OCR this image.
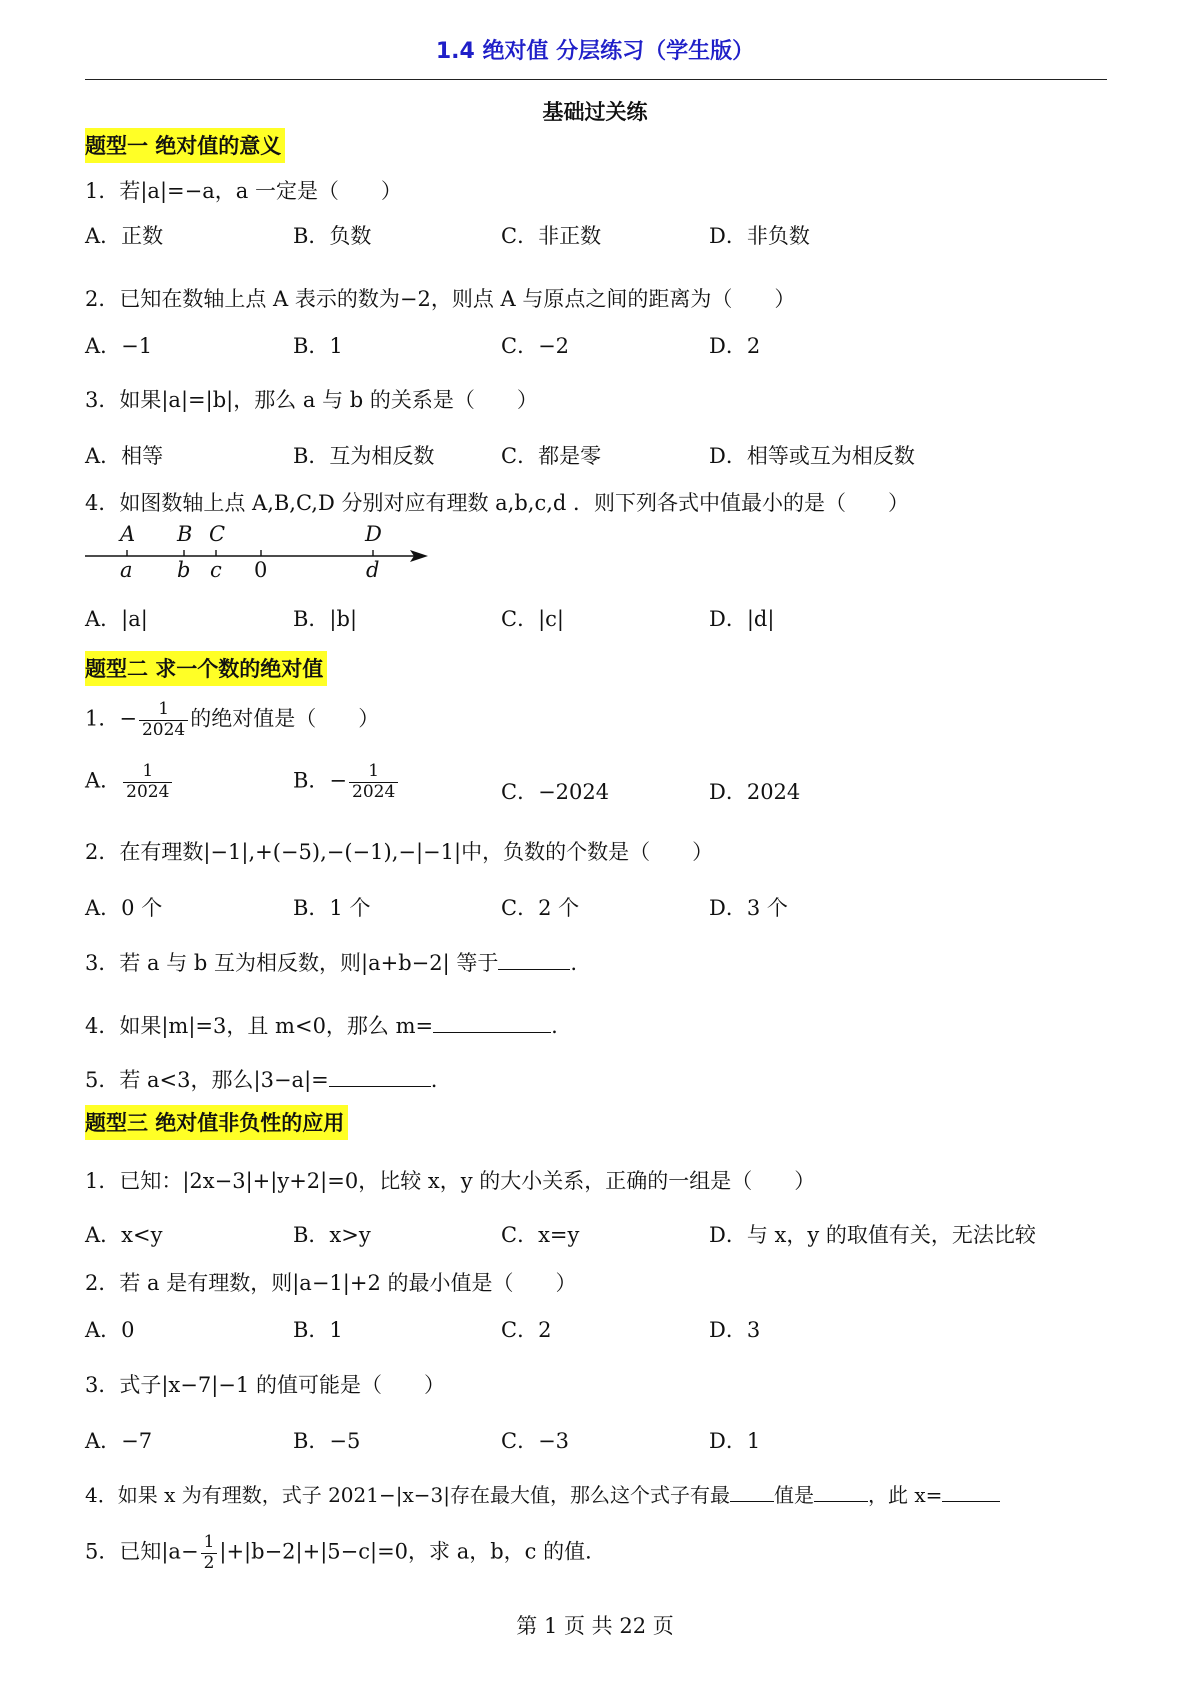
1.4 绝对值 分层练习（学生版）
基础过关练
题型一 绝对值的意义
1．若|a|=−a，a 一定是（　　）
A．正数	B．负数	C．非正数	D．非负数
2．已知在数轴上点 A 表示的数为−2，则点 A 与原点之间的距离为（　　）
A．−1	B．1	C．−2	D．2
3．如果|a|=|b|，那么 a 与 b 的关系是（　　）
A．相等	B．互为相反数	C．都是零	D．相等或互为相反数
4．如图数轴上点 A,B,C,D 分别对应有理数 a,b,c,d ．则下列各式中值最小的是（　　）
A B C	D
a b c 0	d
A．|a|	B．|b|	C．|c|	D．|d|
题型二 求一个数的绝对值
1．− $\frac{1}{2024}$ 的绝对值是（　　）
A． $\frac{1}{2024}$	B．− $\frac{1}{2024}$	C．−2024	D．2024
2．在有理数|−1|,+(−5),−(−1),−|−1|中，负数的个数是（　　）
A．0 个	B．1 个	C．2 个	D．3 个
3．若 a 与 b 互为相反数，则|a+b−2| 等于	.
4．如果|m|=3，且 m<0，那么 m=	.
5．若 a<3，那么|3−a|=	.
题型三 绝对值非负性的应用
1．已知：|2x−3|+|y+2|=0，比较 x，y 的大小关系，正确的一组是（　　）
A．x<y	B．x>y	C．x=y	D．与 x，y 的取值有关，无法比较
2．若 a 是有理数，则|a−1|+2 的最小值是（　　）
A．0	B．1	C．2	D．3
3．式子|x−7|−1 的值可能是（　　）
A．−7	B．−5	C．−3	D．1
4．如果 x 为有理数，式子 2021−|x−3|存在最大值，那么这个式子有最 值是	，此 x=
5．已知$|a- \frac{1}{2} |+|b-2|+|5-c|=0$，求 a，b，c 的值．
第 1 页 共 22 页
